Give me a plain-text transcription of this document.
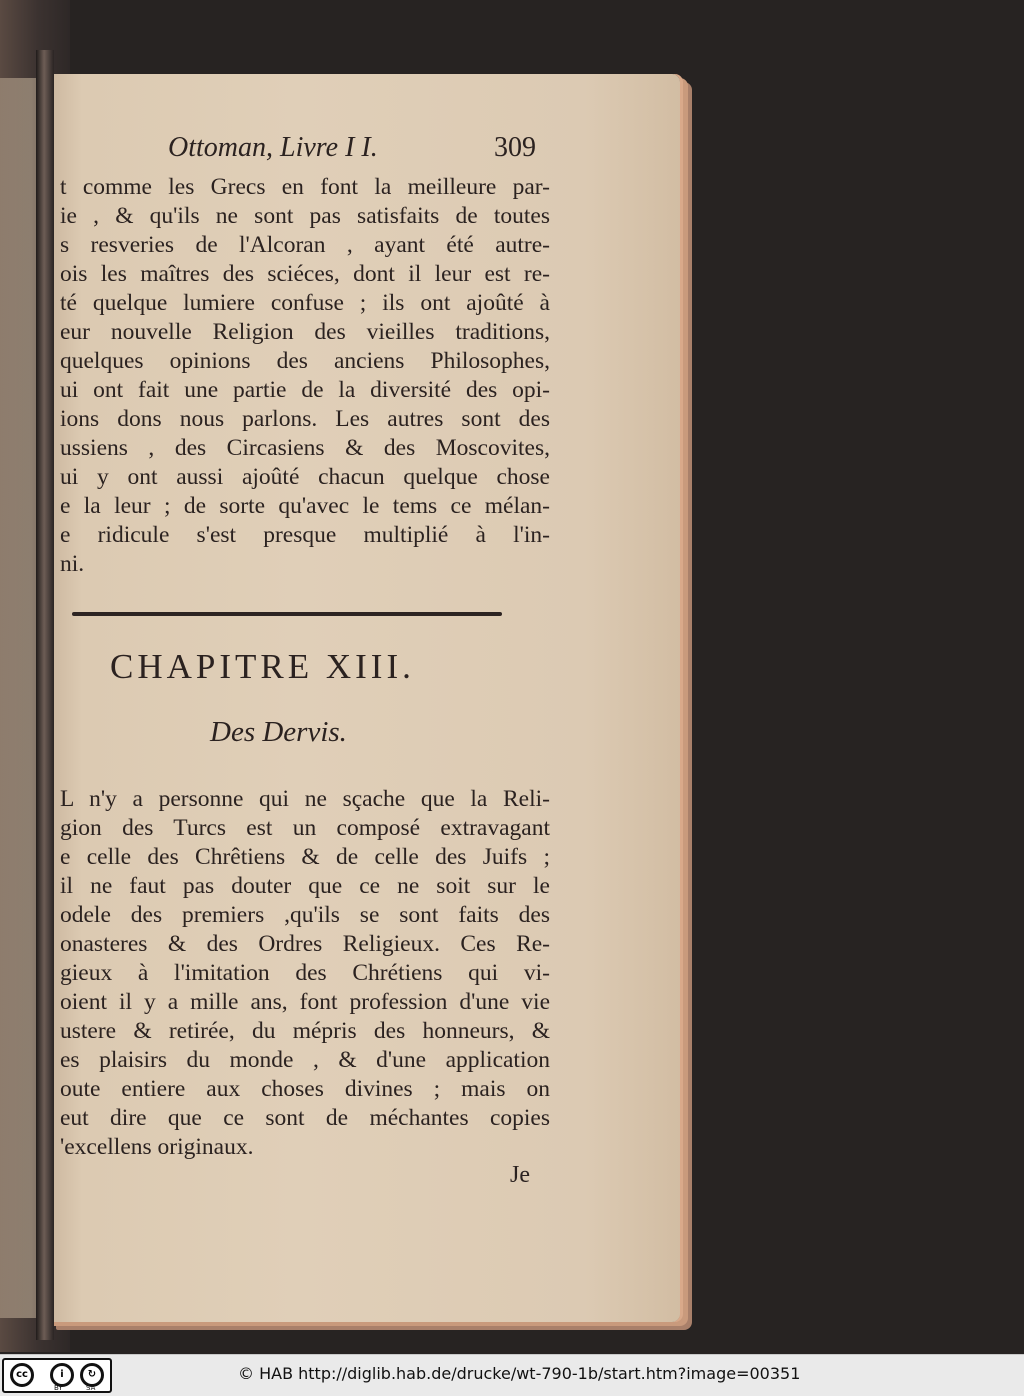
Ottoman, Livre I I.	309
t comme les Grecs en font la meilleure par-
ie , & qu'ils ne sont pas satisfaits de toutes
s resveries de l'Alcoran , ayant été autre-
ois les maîtres des sciéces, dont il leur est re-
té quelque lumiere confuse ; ils ont ajoûté à
eur nouvelle Religion des vieilles traditions,
quelques opinions des anciens Philosophes,
ui ont fait une partie de la diversité des opi-
ions dons nous parlons. Les autres sont des
ussiens , des Circasiens & des Moscovites,
ui y ont aussi ajoûté chacun quelque chose
e la leur ; de sorte qu'avec le tems ce mélan-
e ridicule s'est presque multiplié à l'in-
ni.
CHAPITRE XIII.
Des Dervis.
L n'y a personne qui ne sçache que la Reli-
gion des Turcs est un composé extravagant
e celle des Chrêtiens & de celle des Juifs ;
il ne faut pas douter que ce ne soit sur le
odele des premiers ,qu'ils se sont faits des
onasteres & des Ordres Religieux. Ces Re-
gieux à l'imitation des Chrétiens qui vi-
oient il y a mille ans, font profession d'une vie
ustere & retirée, du mépris des honneurs, &
es plaisirs du monde , & d'une application
oute entiere aux choses divines ; mais on
eut dire que ce sont de méchantes copies
'excellens originaux.
Je
cc	i	↻
BY	SA
© HAB http://diglib.hab.de/drucke/wt-790-1b/start.htm?image=00351
